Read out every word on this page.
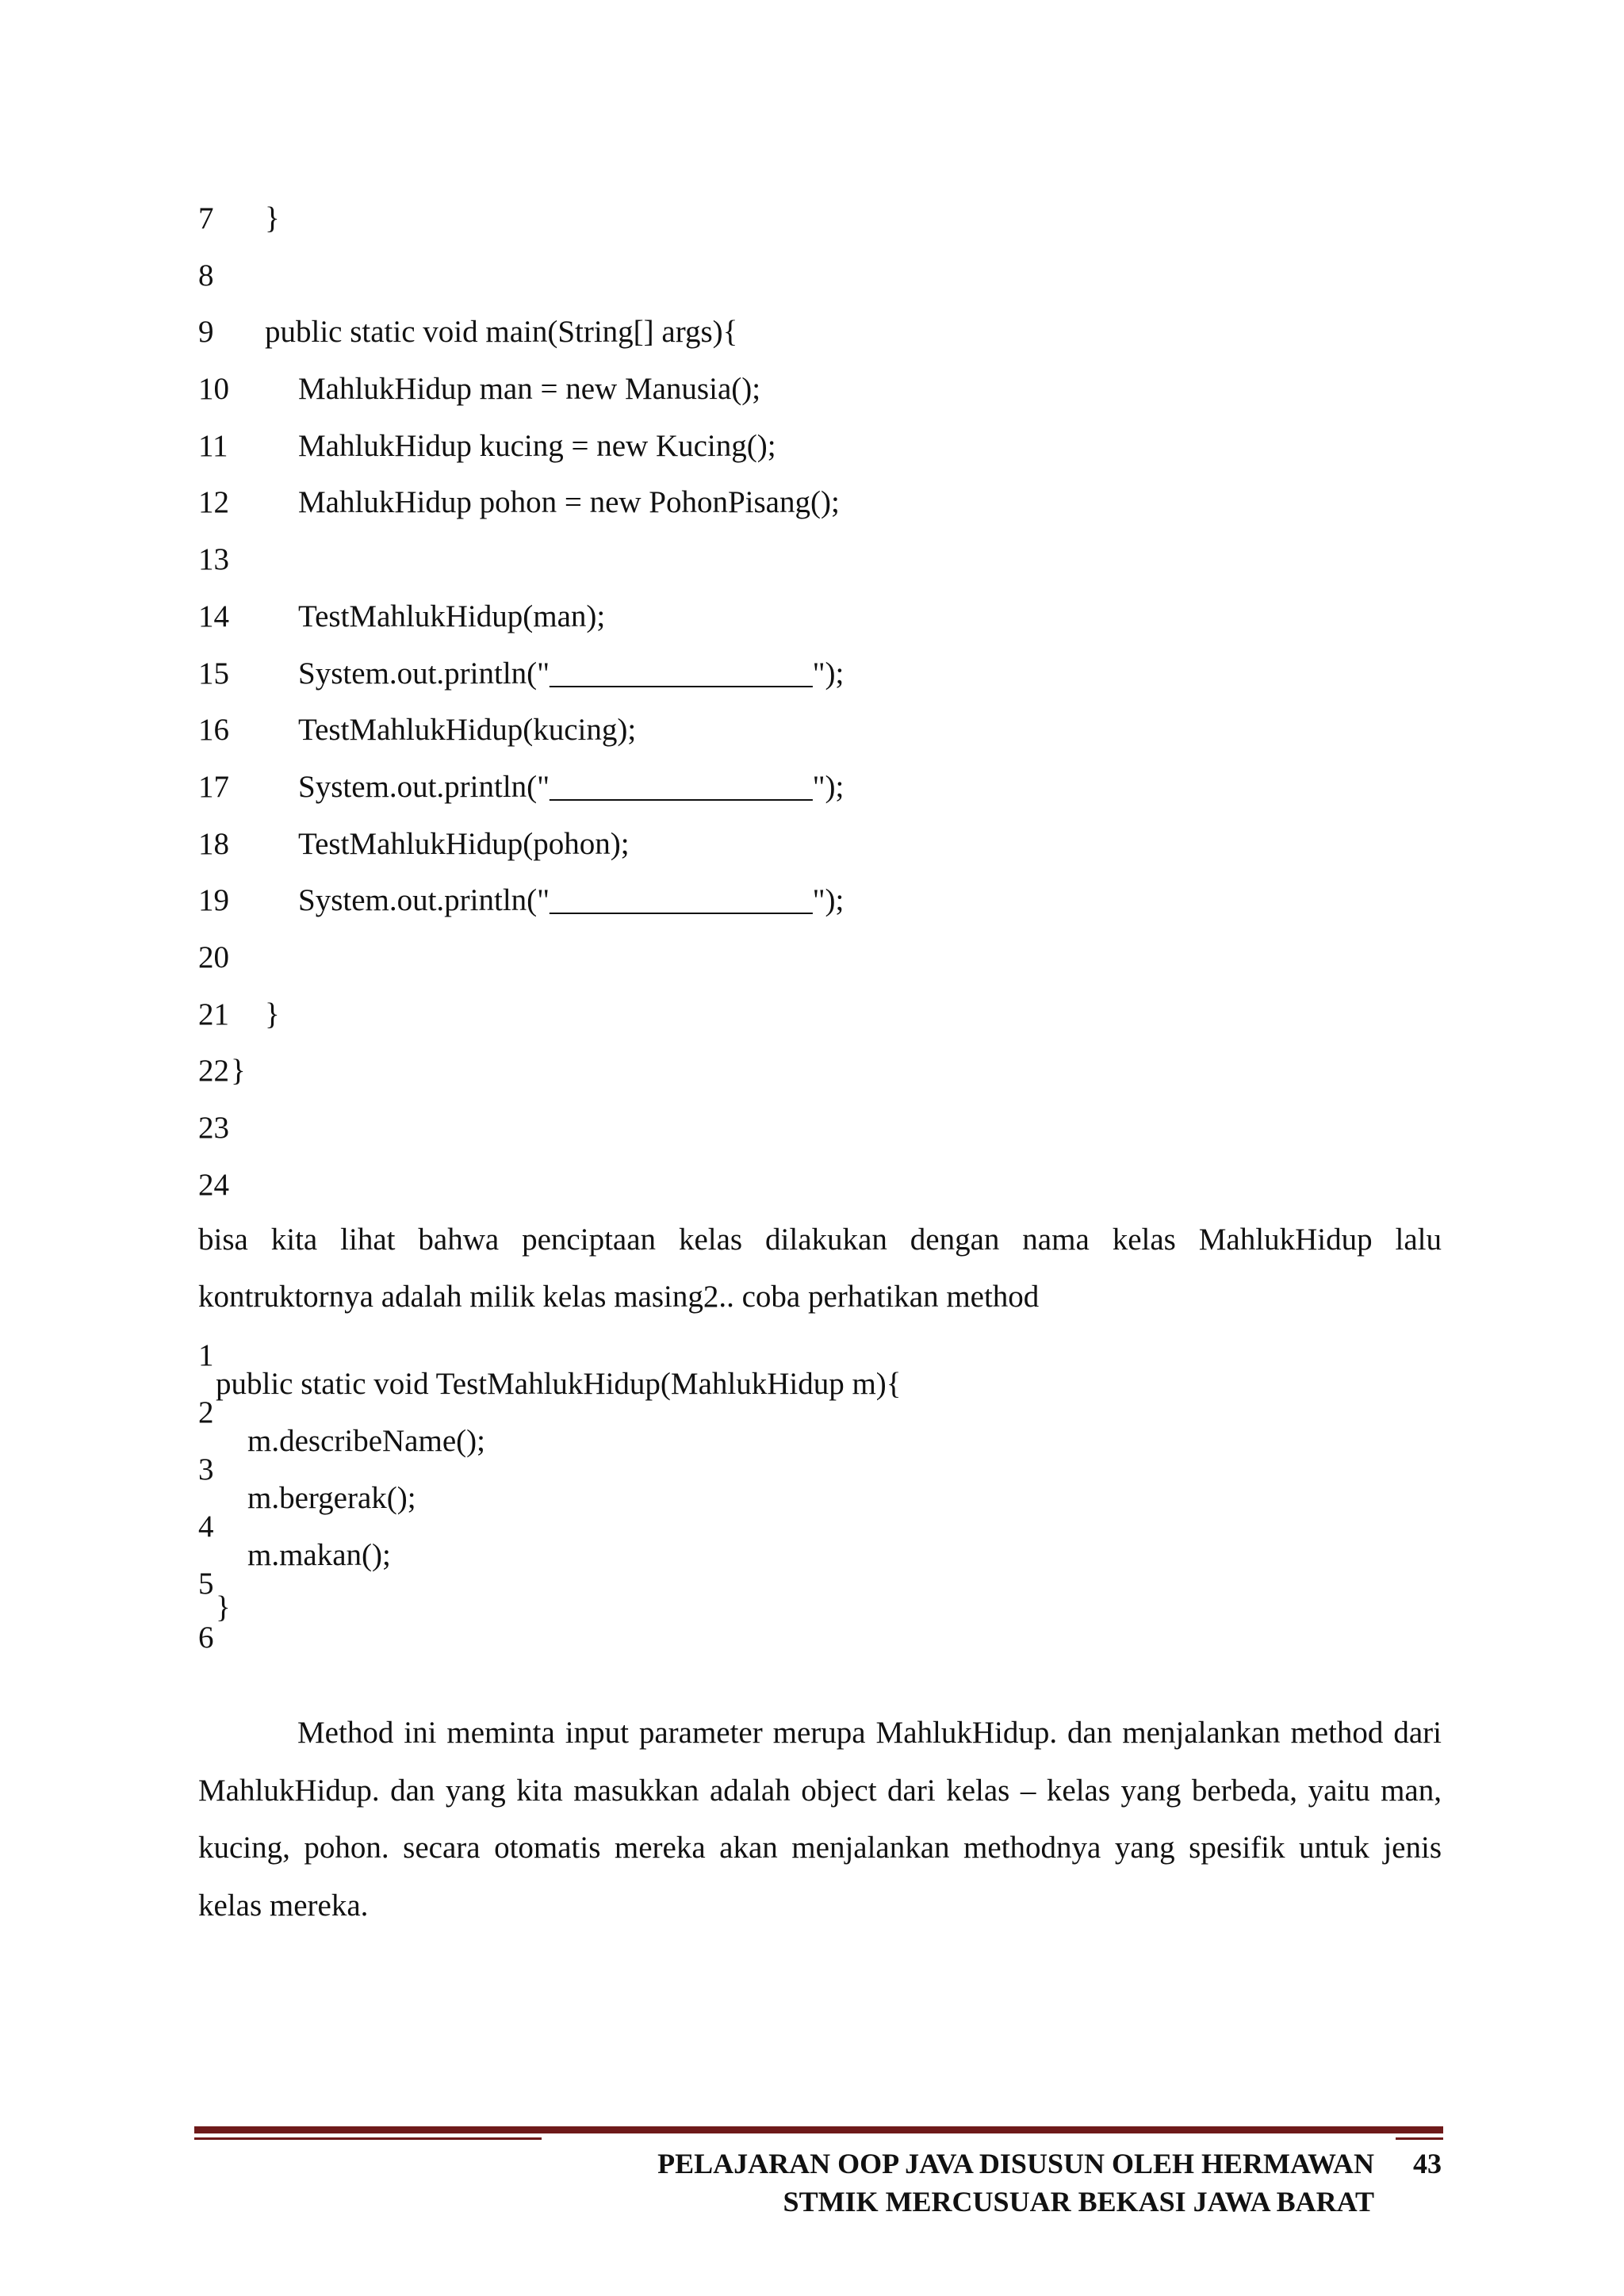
7 }
8
9 public static void main(String[] args){
10 MahlukHidup man = new Manusia();
11 MahlukHidup kucing = new Kucing();
12 MahlukHidup pohon = new PohonPisang();
13
14 TestMahlukHidup(man);
15 System.out.println("_________________");
16 TestMahlukHidup(kucing);
17 System.out.println("_________________");
18 TestMahlukHidup(pohon);
19 System.out.println("_________________");
20
21 }
22 }
23
24

bisa kita lihat bahwa penciptaan kelas dilakukan dengan nama kelas MahlukHidup lalu kontruktornya adalah milik kelas masing2.. coba perhatikan method

1
2
3
4
5
6
public static void TestMahlukHidup(MahlukHidup m){
m.describeName();
m.bergerak();
m.makan();
}

Method ini meminta input parameter merupa MahlukHidup. dan menjalankan method dari MahlukHidup. dan yang kita masukkan adalah object dari kelas – kelas yang berbeda, yaitu man, kucing, pohon. secara otomatis mereka akan menjalankan methodnya yang spesifik untuk jenis kelas mereka.

PELAJARAN OOP JAVA DISUSUN OLEH HERMAWAN
STMIK MERCUSUAR BEKASI JAWA BARAT
43
